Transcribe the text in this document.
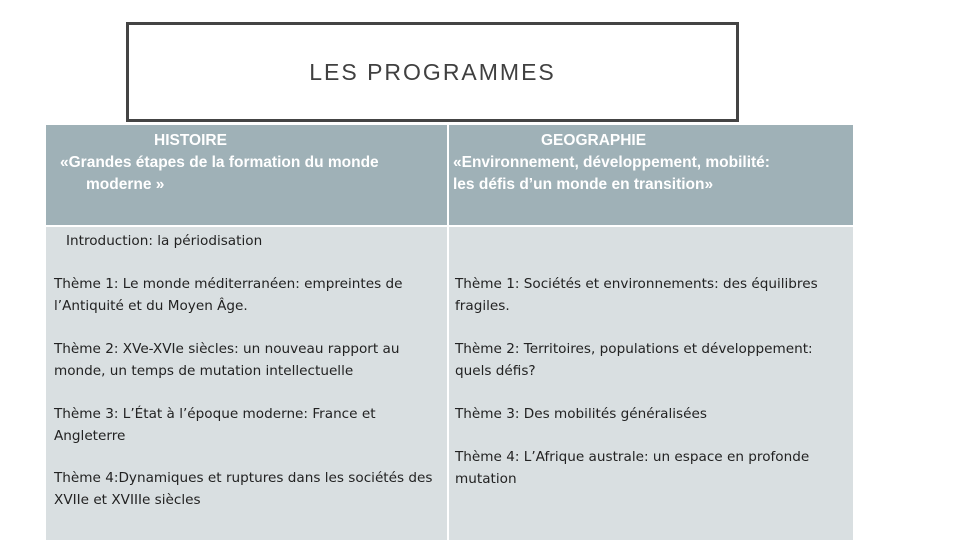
LES PROGRAMMES
HISTOIRE
«Grandes étapes de la formation du monde
moderne »
GEOGRAPHIE
«Environnement, développement, mobilité:
les défis d’un monde en transition»
Introduction: la périodisation
Thème 1: Le monde méditerranéen: empreintes de l’Antiquité et du Moyen Âge.
Thème 2: XVe-XVIe siècles: un nouveau rapport au monde, un temps de mutation intellectuelle
Thème 3: L’État à l’époque moderne: France et Angleterre
Thème 4:Dynamiques et ruptures dans les sociétés des XVIIe et XVIIIe siècles
Thème 1: Sociétés et environnements: des équilibres fragiles.
Thème 2: Territoires, populations et développement: quels défis?
Thème 3: Des mobilités généralisées
Thème 4: L’Afrique australe: un espace en profonde mutation
